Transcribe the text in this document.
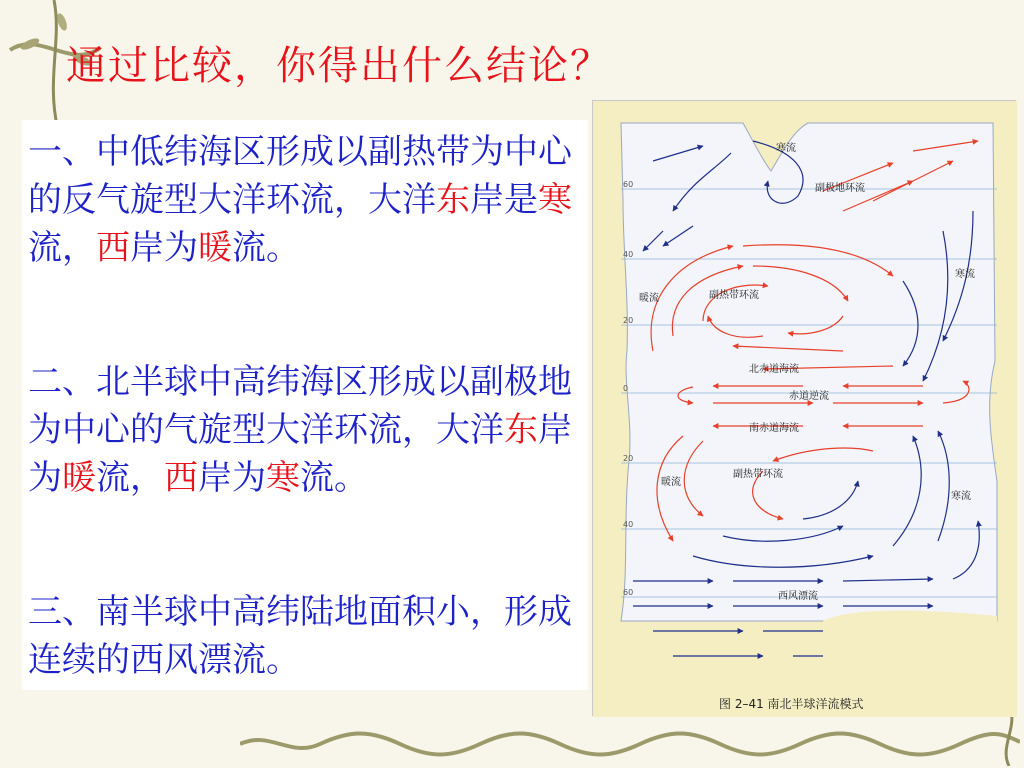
通过比较，你得出什么结论？
一、中低纬海区形成以副热带为中心的反气旋型大洋环流，大洋东岸是寒流，西岸为暖流。
二、北半球中高纬海区形成以副极地为中心的气旋型大洋环流，大洋东岸为暖流，西岸为寒流。
三、南半球中高纬陆地面积小，形成连续的西风漂流。
60
40
20
0
20
40
60
寒流
副极地环流
暖流	副热带环流
寒流
北赤道海流
赤道逆流
南赤道海流
暖流
副热带环流
寒流
西风漂流
图 2–41 南北半球洋流模式
